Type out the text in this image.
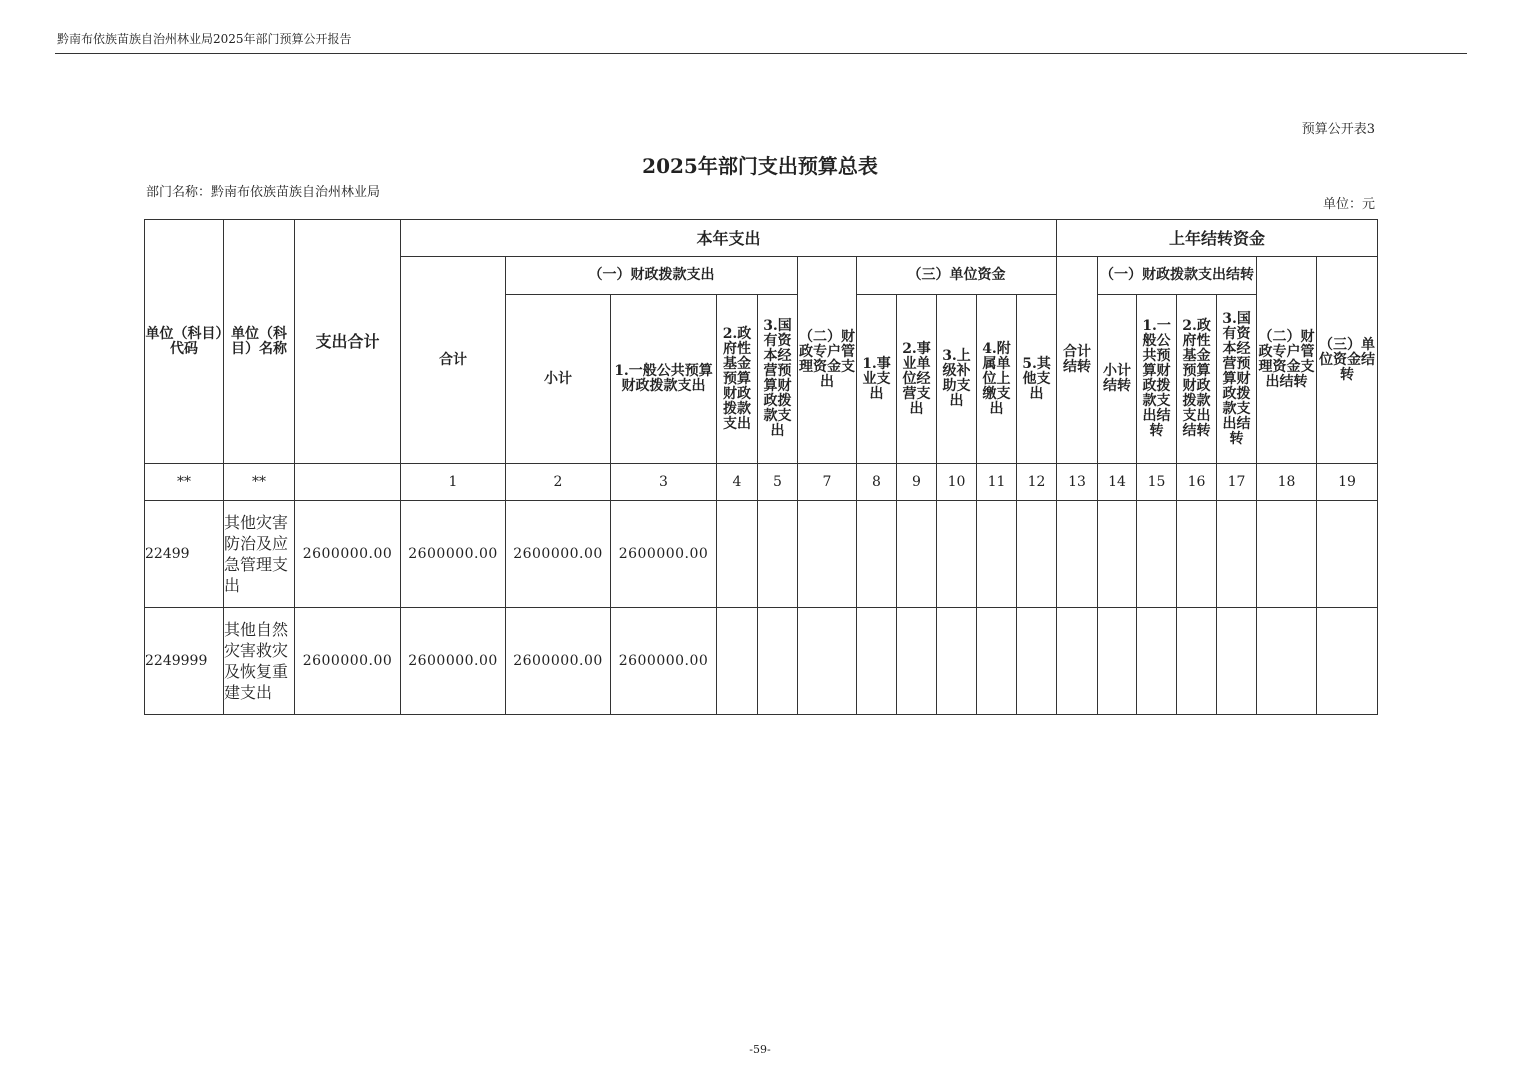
黔南布依族苗族自治州林业局2025年部门预算公开报告
预算公开表3
2025年部门支出预算总表
部门名称：黔南布依族苗族自治州林业局
单位：元
单位（科目）代码	单位（科目）名称	支出合计	本年支出											上年结转资金						
			合计	（一）财政拨款支出				（二）财政专户管理资金支出	（三）单位资金					合计结转	（一）财政拨款支出结转				（二）财政专户管理资金支出结转	（三）单位资金结转
				小计	1.一般公共预算财政拨款支出	2.政府性基金预算财政拨款支出	3.国有资本经营预算财政拨款支出		1.事业支出	2.事业单位经营支出	3.上级补助支出	4.附属单位上缴支出	5.其他支出		小计结转	1.一般公共预算财政拨款支出结转	2.政府性基金预算财政拨款支出结转	3.国有资本经营预算财政拨款支出结转		
**	**		1	2	3	4	5	7	8	9	10	11	12	13	14	15	16	17	18	19
22499	其他灾害防治及应急管理支出	2600000.00	2600000.00	2600000.00	2600000.00															
2249999	其他自然灾害救灾及恢复重建支出	2600000.00	2600000.00	2600000.00	2600000.00															
-59-
